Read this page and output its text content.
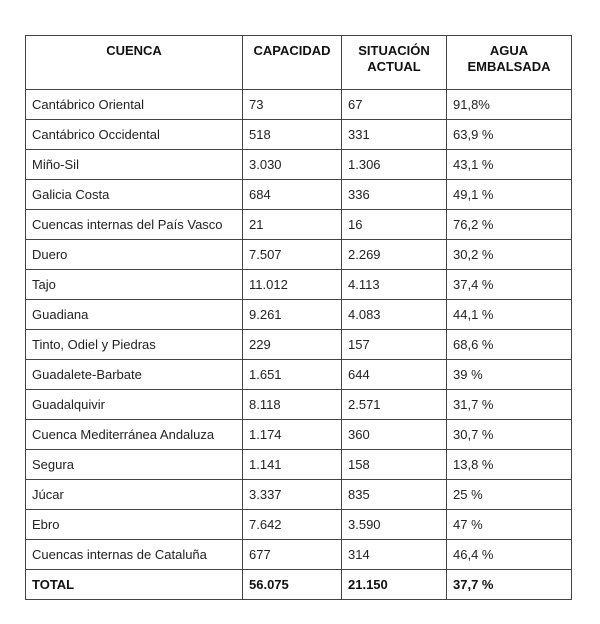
CUENCA	CAPACIDAD	SITUACIÓN ACTUAL	AGUA EMBALSADA
Cantábrico Oriental	73	67	91,8%
Cantábrico Occidental	518	331	63,9 %
Miño-Sil	3.030	1.306	43,1 %
Galicia Costa	684	336	49,1 %
Cuencas internas del País Vasco	21	16	76,2 %
Duero	7.507	2.269	30,2 %
Tajo	11.012	4.113	37,4 %
Guadiana	9.261	4.083	44,1 %
Tinto, Odiel y Piedras	229	157	68,6 %
Guadalete-Barbate	1.651	644	39 %
Guadalquivir	8.118	2.571	31,7 %
Cuenca Mediterránea Andaluza	1.174	360	30,7 %
Segura	1.141	158	13,8 %
Júcar	3.337	835	25 %
Ebro	7.642	3.590	47 %
Cuencas internas de Cataluña	677	314	46,4 %
TOTAL	56.075	21.150	37,7 %
